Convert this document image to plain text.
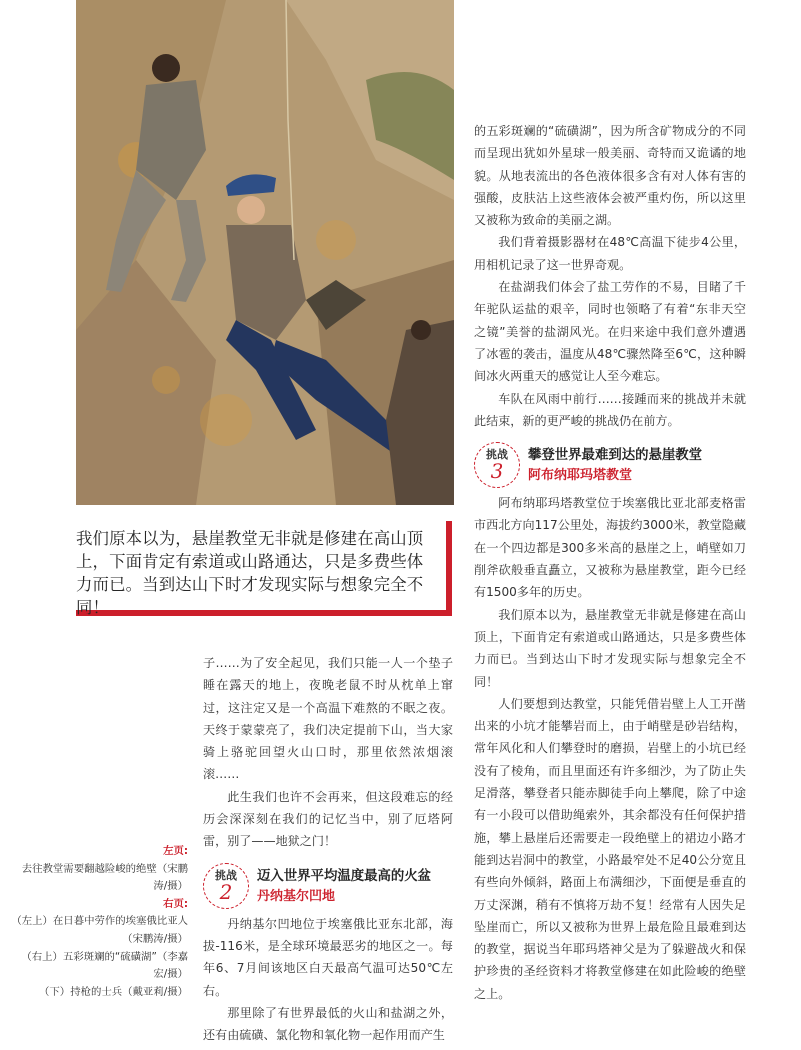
我们原本以为，悬崖教堂无非就是修建在高山顶上，下面肯定有索道或山路通达，只是多费些体力而已。当到达山下时才发现实际与想象完全不同！

的五彩斑斓的“硫磺湖”，因为所含矿物成分的不同而呈现出犹如外星球一般美丽、奇特而又诡谲的地貌。从地表流出的各色液体很多含有对人体有害的强酸，皮肤沾上这些液体会被严重灼伤，所以这里又被称为致命的美丽之湖。

我们背着摄影器材在48℃高温下徒步4公里，用相机记录了这一世界奇观。

在盐湖我们体会了盐工劳作的不易，目睹了千年驼队运盐的艰辛，同时也领略了有着“东非天空之镜”美誉的盐湖风光。在归来途中我们意外遭遇了冰雹的袭击，温度从48℃骤然降至6℃，这种瞬间冰火两重天的感觉让人至今难忘。

车队在风雨中前行……接踵而来的挑战并未就此结束，新的更严峻的挑战仍在前方。

挑战
3
攀登世界最难到达的悬崖教堂
阿布纳耶玛塔教堂

阿布纳耶玛塔教堂位于埃塞俄比亚北部麦格雷市西北方向117公里处，海拔约3000米，教堂隐藏在一个四边都是300多米高的悬崖之上，峭壁如刀削斧砍般垂直矗立，又被称为悬崖教堂，距今已经有1500多年的历史。

我们原本以为，悬崖教堂无非就是修建在高山顶上，下面肯定有索道或山路通达，只是多费些体力而已。当到达山下时才发现实际与想象完全不同！

人们要想到达教堂，只能凭借岩壁上人工开凿出来的小坑才能攀岩而上，由于峭壁是砂岩结构，常年风化和人们攀登时的磨损，岩壁上的小坑已经没有了棱角，而且里面还有许多细沙，为了防止失足滑落，攀登者只能赤脚徒手向上攀爬，除了中途有一小段可以借助绳索外，其余都没有任何保护措施，攀上悬崖后还需要走一段绝壁上的裙边小路才能到达岩洞中的教堂，小路最窄处不足40公分宽且有些向外倾斜，路面上布满细沙，下面便是垂直的万丈深渊，稍有不慎将万劫不复！经常有人因失足坠崖而亡，所以又被称为世界上最危险且最难到达的教堂，据说当年耶玛塔神父是为了躲避战火和保护珍贵的圣经资料才将教堂修建在如此险峻的绝壁之上。

子……为了安全起见，我们只能一人一个垫子睡在露天的地上，夜晚老鼠不时从枕单上窜过，这注定又是一个高温下难熬的不眠之夜。天终于蒙蒙亮了，我们决定提前下山，当大家骑上骆驼回望火山口时，那里依然浓烟滚滚……

此生我们也许不会再来，但这段难忘的经历会深深刻在我们的记忆当中，别了厄塔阿雷，别了——地狱之门！

挑战
2
迈入世界平均温度最高的火盆
丹纳基尔凹地

丹纳基尔凹地位于埃塞俄比亚东北部，海拔-116米，是全球环境最恶劣的地区之一。每年6、7月间该地区白天最高气温可达50℃左右。

那里除了有世界最低的火山和盐湖之外，还有由硫磺、氯化物和氧化物一起作用而产生

左页:
去往教堂需要翻越险峻的绝壁（宋鹏涛/摄）
右页:
（左上）在日暮中劳作的埃塞俄比亚人（宋鹏涛/摄）
（右上）五彩斑斓的“硫磺湖”（李嘉宏/摄）
（下）持枪的士兵（戴亚莉/摄）
